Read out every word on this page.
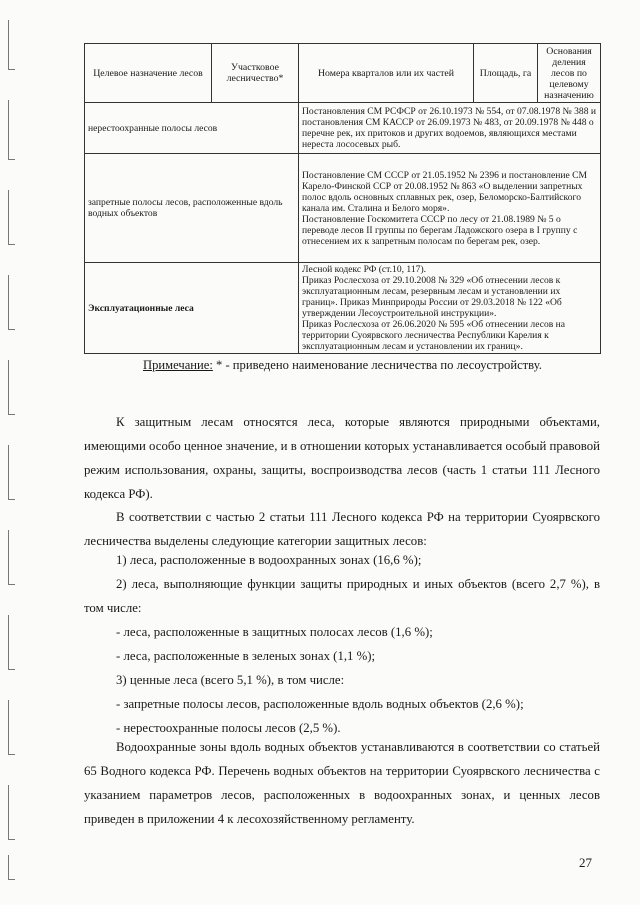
Целевое назначение лесов	Участковое лесничество*	Номера кварталов или их частей	Площадь, га	Основания деления лесов по целевому назначению
нерестоохранные полосы лесов		Постановления СМ РСФСР от 26.10.1973 № 554, от 07.08.1978 № 388 и постановления СМ КАССР от 26.09.1973 № 483, от 20.09.1978 № 448 о перечне рек, их притоков и других водоемов, являющихся местами нереста лососевых рыб.		

запретные полосы лесов, расположенные вдоль водных объектов		Постановление СМ СССР от 21.05.1952 № 2396 и постановление СМ Карело-Финской ССР от 20.08.1952 № 863 «О выделении запретных полос вдоль основных сплавных рек, озер, Беломорско-Балтийского канала им. Сталина и Белого моря».

Постановление Госкомитета СССР по лесу от 21.08.1989 № 5 о переводе лесов II группы по берегам Ладожского озера в I группу с отнесением их к запретным полосам по берегам рек, озер.		

Эксплуатационные леса		Лесной кодекс РФ (ст.10, 117).

Приказ Рослесхоза от 29.10.2008 № 329 «Об отнесении лесов к эксплуатационным лесам, резервным лесам и установлении их границ». Приказ Минприроды России от 29.03.2018 № 122 «Об утверждении Лесоустроительной инструкции».

Приказ Рослесхоза от 26.06.2020 № 595 «Об отнесении лесов на территории Суоярвского лесничества Республики Карелия к эксплуатационным лесам и установлении их границ».		

Примечание: * - приведено наименование лесничества по лесоустройству.

К защитным лесам относятся леса, которые являются природными объектами, имеющими особо ценное значение, и в отношении которых устанавливается особый правовой режим использования, охраны, защиты, воспроизводства лесов (часть 1 статьи 111 Лесного кодекса РФ).

В соответствии с частью 2 статьи 111 Лесного кодекса РФ на территории Суоярвского лесничества выделены следующие категории защитных лесов:

1) леса, расположенные в водоохранных зонах (16,6 %);

2) леса, выполняющие функции защиты природных и иных объектов (всего 2,7 %), в том числе:

- леса, расположенные в защитных полосах лесов (1,6 %);

- леса, расположенные в зеленых зонах (1,1 %);

3) ценные леса (всего 5,1 %), в том числе:

- запретные полосы лесов, расположенные вдоль водных объектов (2,6 %);

- нерестоохранные полосы лесов (2,5 %).

Водоохранные зоны вдоль водных объектов устанавливаются в соответствии со статьей 65 Водного кодекса РФ. Перечень водных объектов на территории Суоярвского лесничества с указанием параметров лесов, расположенных в водоохранных зонах, и ценных лесов приведен в приложении 4 к лесохозяйственному регламенту.

27
